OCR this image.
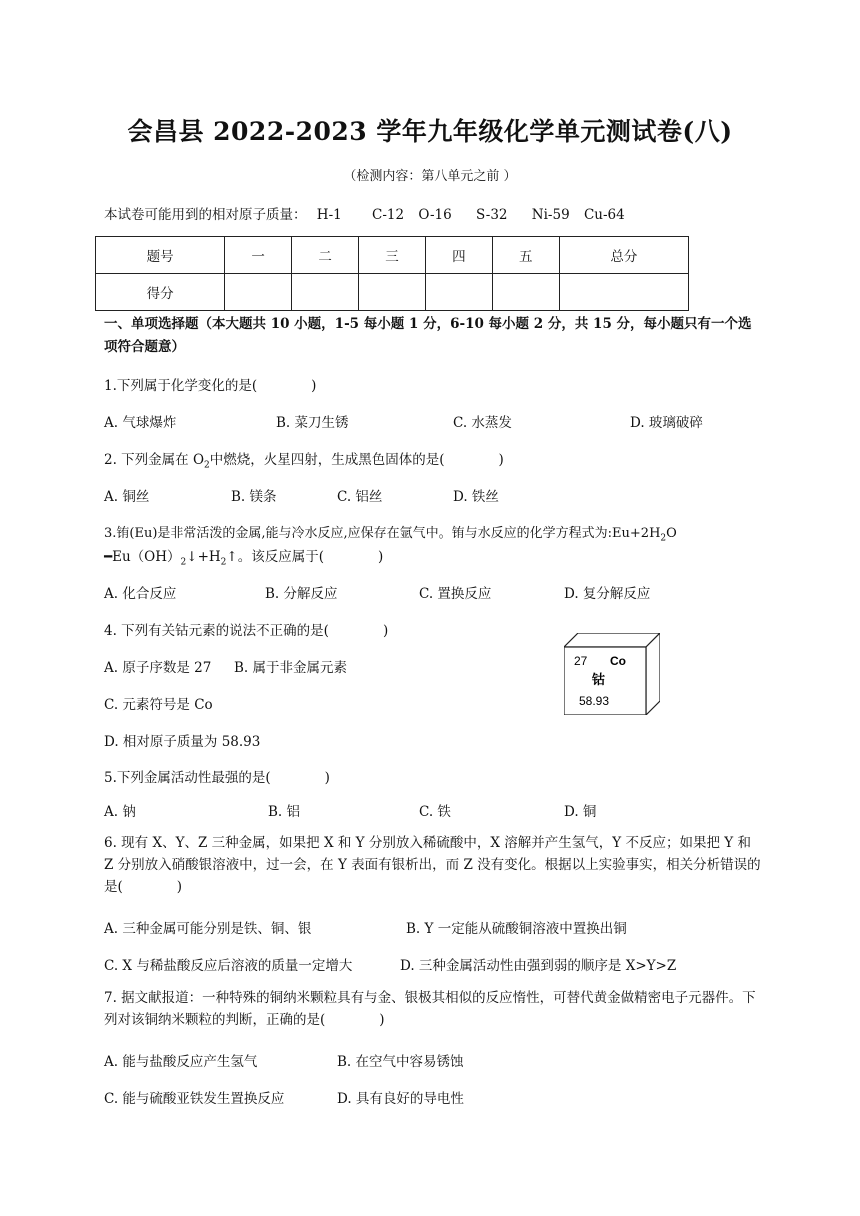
会昌县 2022-2023 学年九年级化学单元测试卷(八)
（检测内容：第八单元之前 ）
本试卷可能用到的相对原子质量： H-1 C-12 O-16 S-32 Ni-59 Cu-64
题号	一	二	三	四	五	总分
得分						
一、单项选择题（本大题共 10 小题，1-5 每小题 1 分，6-10 每小题 2 分，共 15 分，每小题只有一个选项符合题意）
1.下列属于化学变化的是(　　　　)
A. 气球爆炸	B. 菜刀生锈	C. 水蒸发	D. 玻璃破碎
2. 下列金属在 $O_2$中燃烧，火星四射，生成黑色固体的是(　　　　)
A. 铜丝	B. 镁条	C. 铝丝	D. 铁丝
3.铕(Eu)是非常活泼的金属,能与冷水反应,应保存在氩气中。铕与水反应的化学方程式为$:Eu+2H_2O$
$━Eu(OH)_2↓+H_2↑$。该反应属于(　　　　)
A. 化合反应	B. 分解反应	C. 置换反应	D. 复分解反应
4. 下列有关钴元素的说法不正确的是(　　　　)
A. 原子序数是 27 B. 属于非金属元素
C. 元素符号是 Co
D. 相对原子质量为 58.93
27 Co
钴
58.93
5.下列金属活动性最强的是(　　　　)
A. 钠	B. 铝	C. 铁	D. 铜
6. 现有 X、Y、Z 三种金属，如果把 X 和 Y 分别放入稀硫酸中，X 溶解并产生氢气，Y 不反应；如果把 Y 和 Z 分别放入硝酸银溶液中，过一会，在 Y 表面有银析出，而 Z 没有变化。根据以上实验事实，相关分析错误的是(　　　　)
A. 三种金属可能分别是铁、铜、银	B. Y 一定能从硫酸铜溶液中置换出铜
C. X 与稀盐酸反应后溶液的质量一定增大	D. 三种金属活动性由强到弱的顺序是 X>Y>Z
7. 据文献报道：一种特殊的铜纳米颗粒具有与金、银极其相似的反应惰性，可替代黄金做精密电子元器件。下列对该铜纳米颗粒的判断，正确的是(　　　　)
A. 能与盐酸反应产生氢气	B. 在空气中容易锈蚀
C. 能与硫酸亚铁发生置换反应	D. 具有良好的导电性
